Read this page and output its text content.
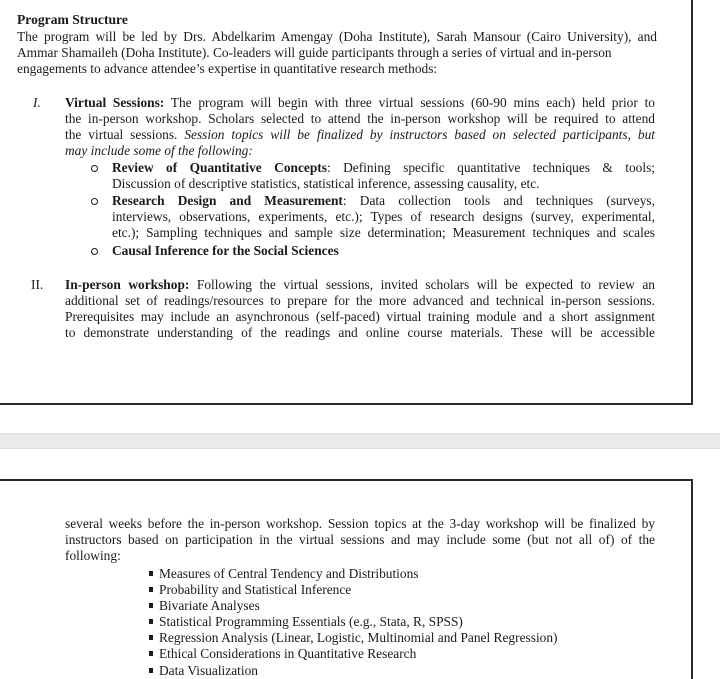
Program Structure
The program will be led by Drs. Abdelkarim Amengay (Doha Institute), Sarah Mansour (Cairo University), and
Ammar Shamaileh (Doha Institute). Co-leaders will guide participants through a series of virtual and in-person
engagements to advance attendee’s expertise in quantitative research methods:
I. Virtual Sessions: The program will begin with three virtual sessions (60-90 mins each) held prior to
the in-person workshop. Scholars selected to attend the in-person workshop will be required to attend
the virtual sessions. Session topics will be finalized by instructors based on selected participants, but
may include some of the following:
Review of Quantitative Concepts: Defining specific quantitative techniques & tools;
Discussion of descriptive statistics, statistical inference, assessing causality, etc.
Research Design and Measurement: Data collection tools and techniques (surveys,
interviews, observations, experiments, etc.); Types of research designs (survey, experimental,
etc.); Sampling techniques and sample size determination; Measurement techniques and scales
Causal Inference for the Social Sciences
II. In-person workshop: Following the virtual sessions, invited scholars will be expected to review an
additional set of readings/resources to prepare for the more advanced and technical in-person sessions.
Prerequisites may include an asynchronous (self-paced) virtual training module and a short assignment
to demonstrate understanding of the readings and online course materials. These will be accessible
several weeks before the in-person workshop. Session topics at the 3-day workshop will be finalized by
instructors based on participation in the virtual sessions and may include some (but not all of) of the
following:
Measures of Central Tendency and Distributions
Probability and Statistical Inference
Bivariate Analyses
Statistical Programming Essentials (e.g., Stata, R, SPSS)
Regression Analysis (Linear, Logistic, Multinomial and Panel Regression)
Ethical Considerations in Quantitative Research
Data Visualization
